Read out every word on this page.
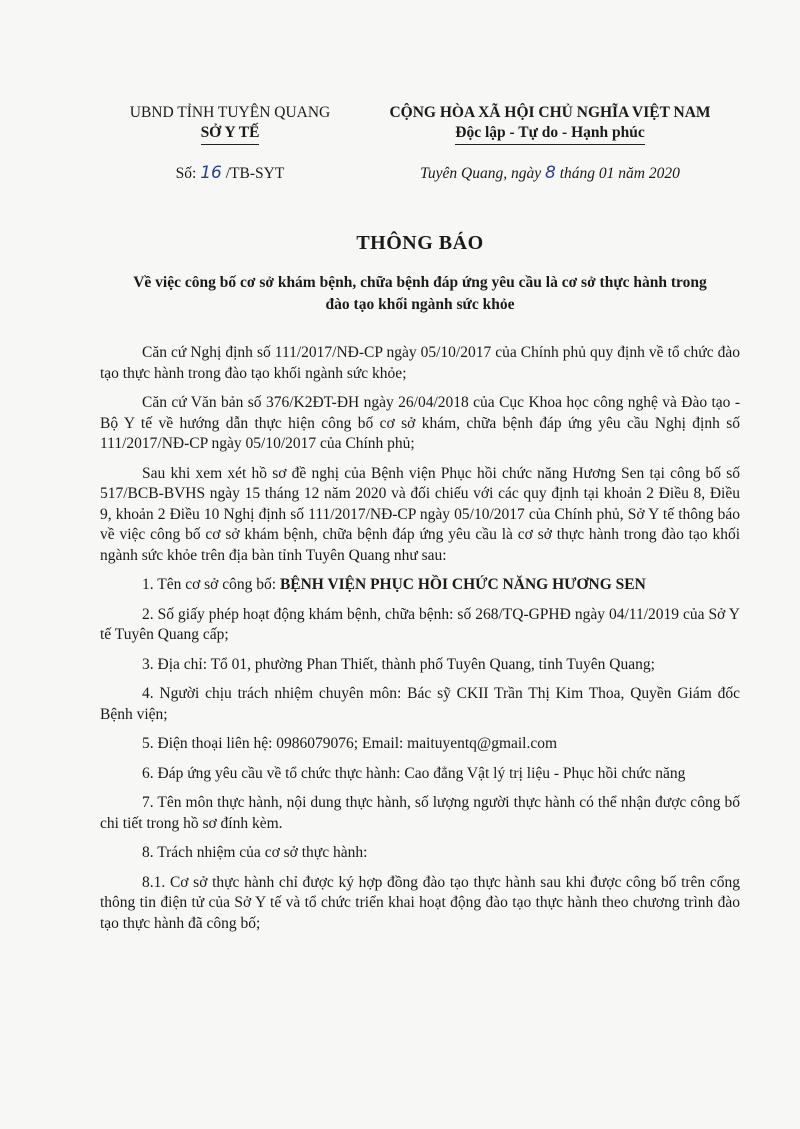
UBND TỈNH TUYÊN QUANG
SỞ Y TẾ
CỘNG HÒA XÃ HỘI CHỦ NGHĨA VIỆT NAM
Độc lập - Tự do - Hạnh phúc
Số: 16 /TB-SYT	Tuyên Quang, ngày 8 tháng 01 năm 2020
THÔNG BÁO
Về việc công bố cơ sở khám bệnh, chữa bệnh đáp ứng yêu cầu là cơ sở thực hành trong đào tạo khối ngành sức khỏe

Căn cứ Nghị định số 111/2017/NĐ-CP ngày 05/10/2017 của Chính phủ quy định về tổ chức đào tạo thực hành trong đào tạo khối ngành sức khỏe;

Căn cứ Văn bản số 376/K2ĐT-ĐH ngày 26/04/2018 của Cục Khoa học công nghệ và Đào tạo - Bộ Y tế về hướng dẫn thực hiện công bố cơ sở khám, chữa bệnh đáp ứng yêu cầu Nghị định số 111/2017/NĐ-CP ngày 05/10/2017 của Chính phủ;

Sau khi xem xét hồ sơ đề nghị của Bệnh viện Phục hồi chức năng Hương Sen tại công bố số 517/BCB-BVHS ngày 15 tháng 12 năm 2020 và đối chiếu với các quy định tại khoản 2 Điều 8, Điều 9, khoản 2 Điều 10 Nghị định số 111/2017/NĐ-CP ngày 05/10/2017 của Chính phủ, Sở Y tế thông báo về việc công bố cơ sở khám bệnh, chữa bệnh đáp ứng yêu cầu là cơ sở thực hành trong đào tạo khối ngành sức khỏe trên địa bàn tỉnh Tuyên Quang như sau:

1. Tên cơ sở công bố: BỆNH VIỆN PHỤC HỒI CHỨC NĂNG HƯƠNG SEN

2. Số giấy phép hoạt động khám bệnh, chữa bệnh: số 268/TQ-GPHĐ ngày 04/11/2019 của Sở Y tế Tuyên Quang cấp;

3. Địa chỉ: Tổ 01, phường Phan Thiết, thành phố Tuyên Quang, tỉnh Tuyên Quang;

4. Người chịu trách nhiệm chuyên môn: Bác sỹ CKII Trần Thị Kim Thoa, Quyền Giám đốc Bệnh viện;

5. Điện thoại liên hệ: 0986079076; Email: maituyentq@gmail.com

6. Đáp ứng yêu cầu về tổ chức thực hành: Cao đẳng Vật lý trị liệu - Phục hồi chức năng

7. Tên môn thực hành, nội dung thực hành, số lượng người thực hành có thể nhận được công bố chi tiết trong hồ sơ đính kèm.

8. Trách nhiệm của cơ sở thực hành:

8.1. Cơ sở thực hành chỉ được ký hợp đồng đào tạo thực hành sau khi được công bố trên cổng thông tin điện tử của Sở Y tế và tổ chức triển khai hoạt động đào tạo thực hành theo chương trình đào tạo thực hành đã công bố;
